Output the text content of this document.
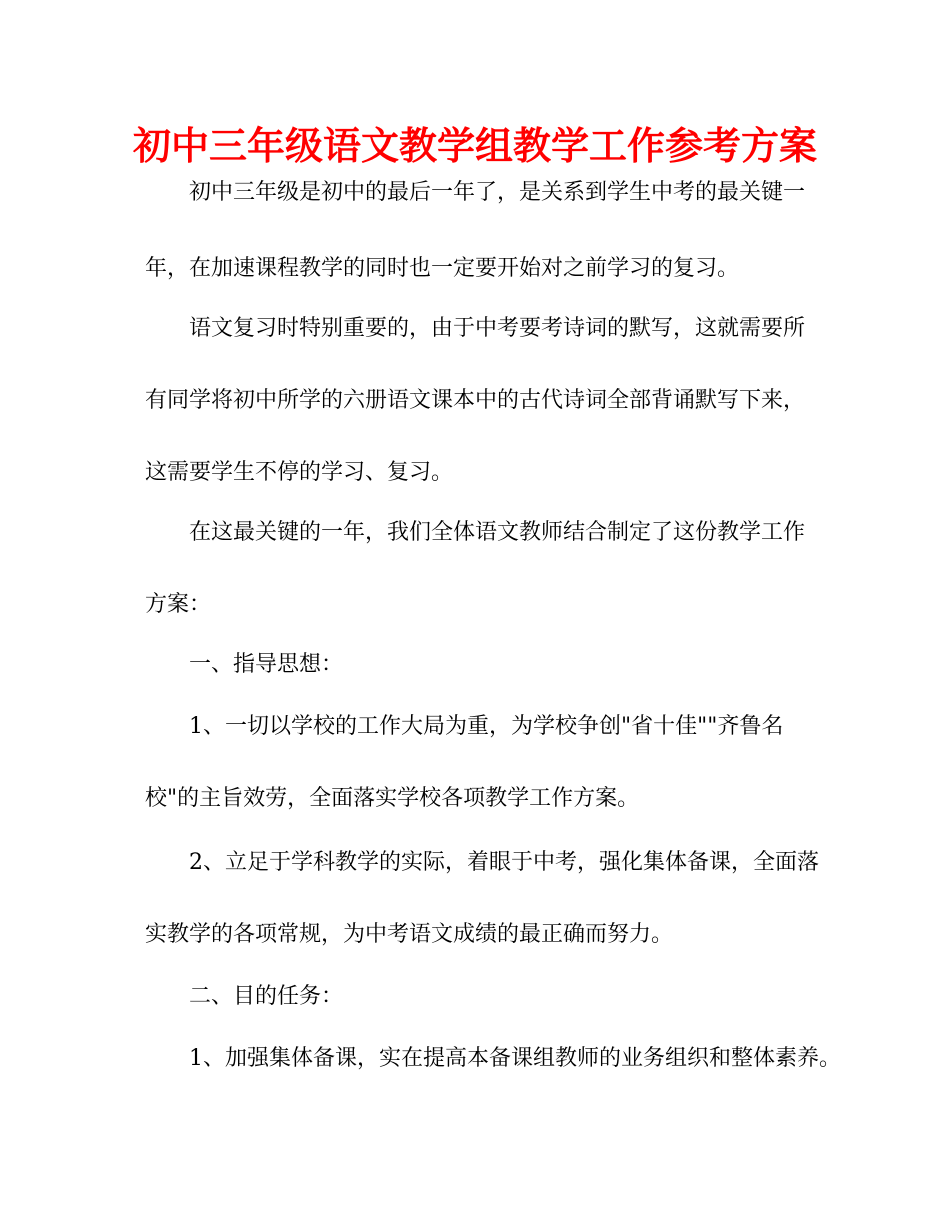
初中三年级语文教学组教学工作参考方案
初中三年级是初中的最后一年了，是关系到学生中考的最关键一
年，在加速课程教学的同时也一定要开始对之前学习的复习。
语文复习时特别重要的，由于中考要考诗词的默写，这就需要所
有同学将初中所学的六册语文课本中的古代诗词全部背诵默写下来，
这需要学生不停的学习、复习。
在这最关键的一年，我们全体语文教师结合制定了这份教学工作
方案：
一、指导思想：
1、一切以学校的工作大局为重，为学校争创"省十佳""齐鲁名
校"的主旨效劳，全面落实学校各项教学工作方案。
2、立足于学科教学的实际，着眼于中考，强化集体备课，全面落
实教学的各项常规，为中考语文成绩的最正确而努力。
二、目的任务：
1、加强集体备课，实在提高本备课组教师的业务组织和整体素养。
